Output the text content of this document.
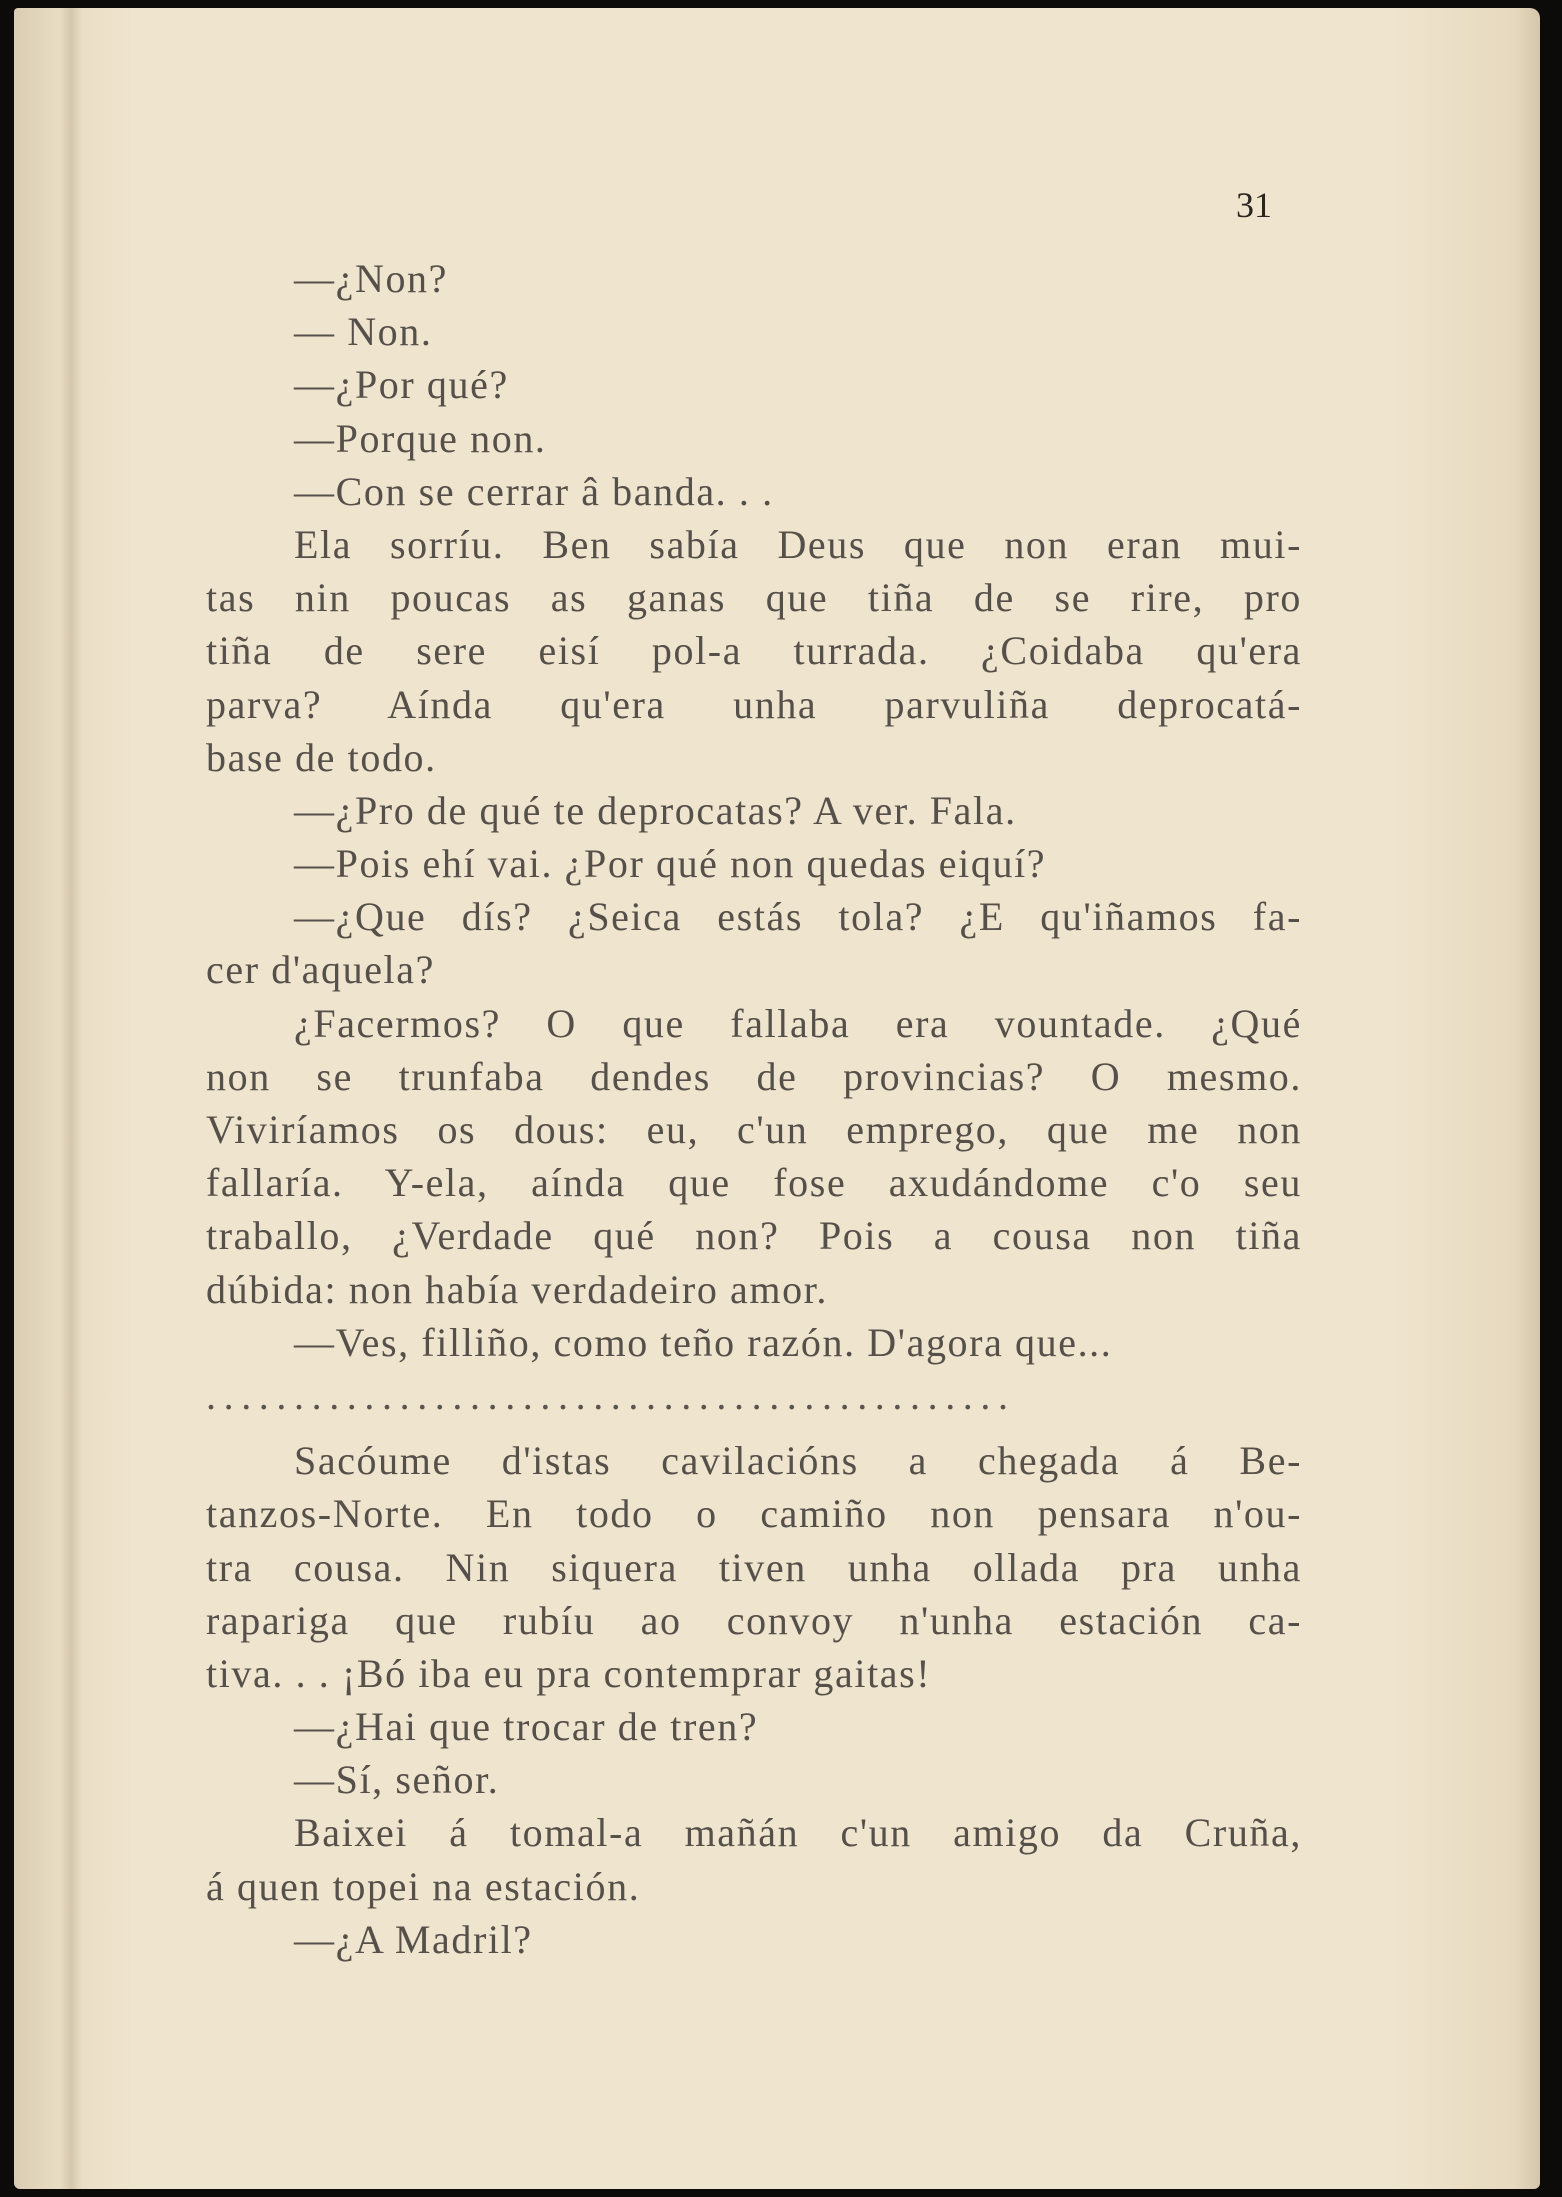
31
—¿Non?
— Non.
—¿Por qué?
—Porque non.
—Con se cerrar â banda. . .
Ela sorríu. Ben sabía Deus que non eran mui-
tas nin poucas as ganas que tiña de se rire, pro
tiña de sere eisí pol-a turrada. ¿Coidaba qu'era
parva? Aínda qu'era unha parvuliña deprocatá-
base de todo.
—¿Pro de qué te deprocatas? A ver. Fala.
—Pois ehí vai. ¿Por qué non quedas eiquí?
—¿Que dís? ¿Seica estás tola? ¿E qu'iñamos fa-
cer d'aquela?
¿Facermos? O que fallaba era vountade. ¿Qué
non se trunfaba dendes de provincias? O mesmo.
Viviríamos os dous: eu, c'un emprego, que me non
fallaría. Y-ela, aínda que fose axudándome c'o seu
traballo, ¿Verdade qué non? Pois a cousa non tiña
dúbida: non había verdadeiro amor.
—Ves, filliño, como teño razón. D'agora que...
..............................................
Sacóume d'istas cavilacións a chegada á Be-
tanzos-Norte. En todo o camiño non pensara n'ou-
tra cousa. Nin siquera tiven unha ollada pra unha
rapariga que rubíu ao convoy n'unha estación ca-
tiva. . . ¡Bó iba eu pra contemprar gaitas!
—¿Hai que trocar de tren?
—Sí, señor.
Baixei á tomal-a mañán c'un amigo da Cruña,
á quen topei na estación.
—¿A Madril?
